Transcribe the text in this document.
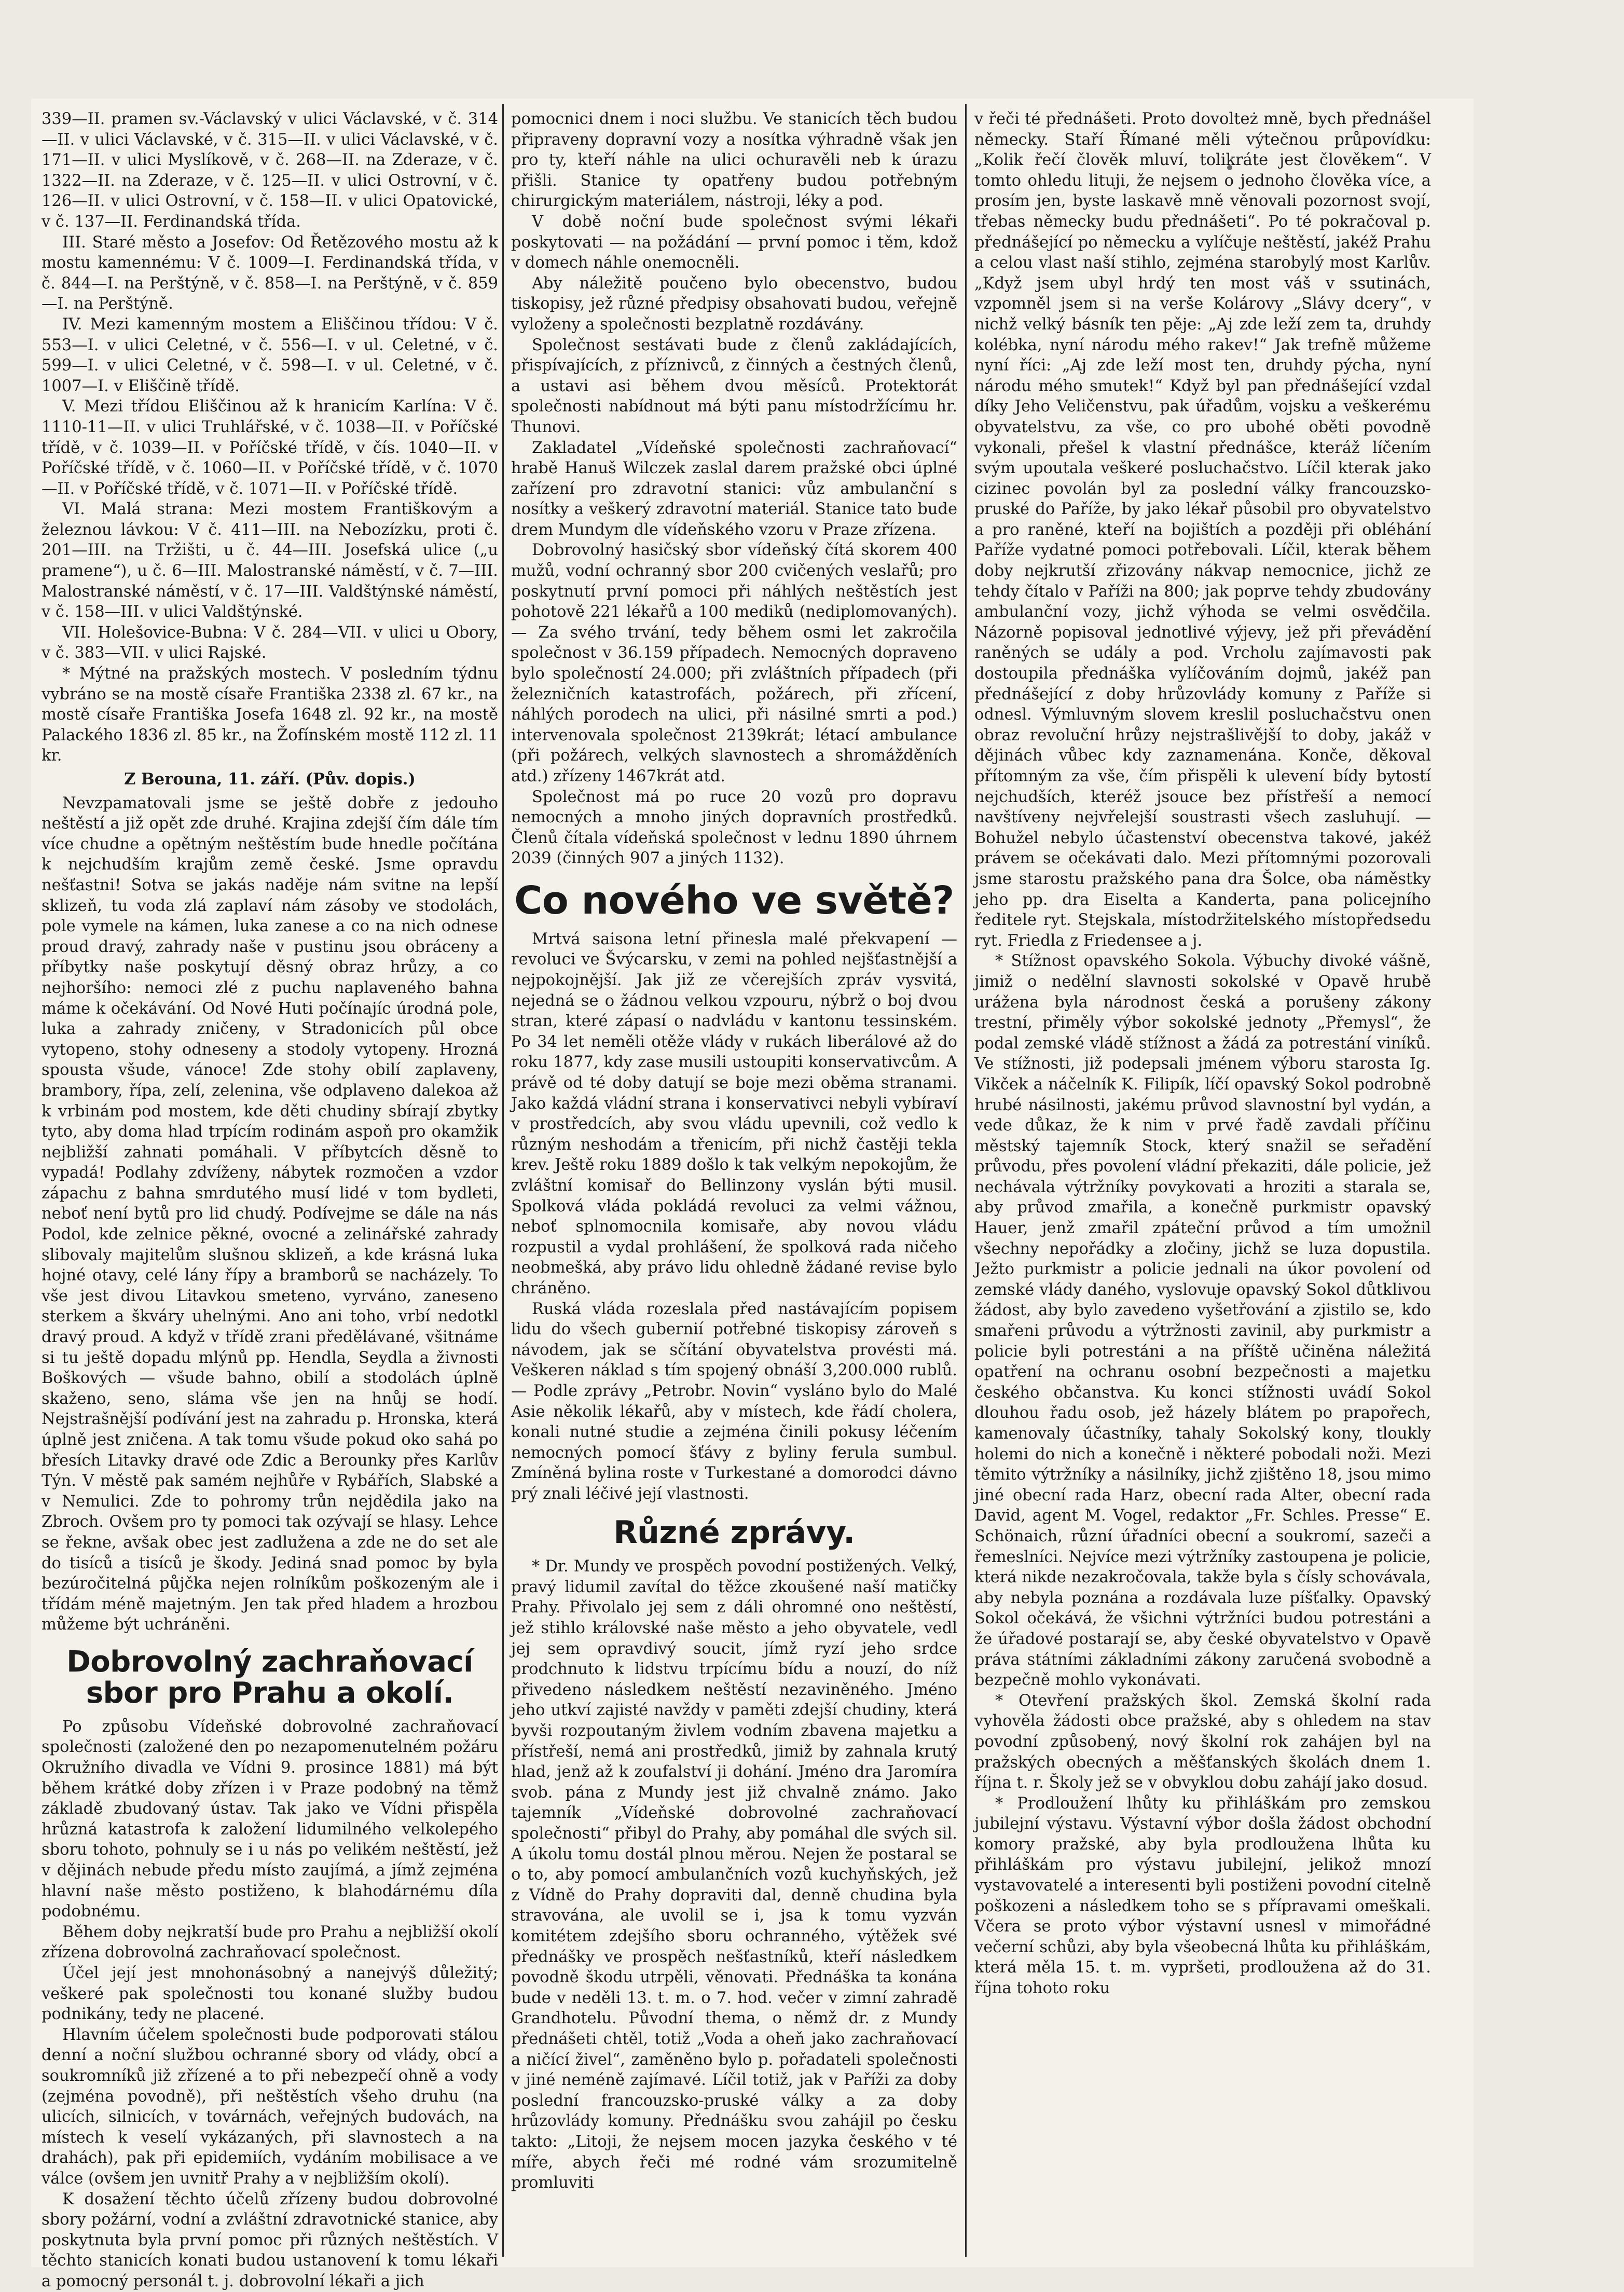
339—II. pramen sv.-Václavský v ulici Václavské, v č. 314—II. v ulici Václavské, v č. 315—II. v ulici Václavské, v č. 171—II. v ulici Myslíkově, v č. 268—II. na Zderaze, v č. 1322—II. na Zderaze, v č. 125—II. v ulici Ostrovní, v č. 126—II. v ulici Ostrovní, v č. 158—II. v ulici Opatovické, v č. 137—II. Ferdinandská třída.

III. Staré město a Josefov: Od Řetězového mostu až k mostu kamennému: V č. 1009—I. Ferdinandská třída, v č. 844—I. na Perštýně, v č. 858—I. na Perštýně, v č. 859—I. na Perštýně.

IV. Mezi kamenným mostem a Eliščinou třídou: V č. 553—I. v ulici Celetné, v č. 556—I. v ul. Celetné, v č. 599—I. v ulici Celetné, v č. 598—I. v ul. Celetné, v č. 1007—I. v Eliščině třídě.

V. Mezi třídou Eliščinou až k hranicím Karlína: V č. 1110-11—II. v ulici Truhlářské, v č. 1038—II. v Poříčské třídě, v č. 1039—II. v Poříčské třídě, v čís. 1040—II. v Poříčské třídě, v č. 1060—II. v Poříčské třídě, v č. 1070—II. v Poříčské třídě, v č. 1071—II. v Poříčské třídě.

VI. Malá strana: Mezi mostem Františkovým a železnou lávkou: V č. 411—III. na Nebozízku, proti č. 201—III. na Tržišti, u č. 44—III. Josefská ulice („u pramene“), u č. 6—III. Malostranské náměstí, v č. 7—III. Malostranské náměstí, v č. 17—III. Valdštýnské náměstí, v č. 158—III. v ulici Valdštýnské.

VII. Holešovice-Bubna: V č. 284—VII. v ulici u Obory, v č. 383—VII. v ulici Rajské.

* Mýtné na pražských mostech. V posledním týdnu vybráno se na mostě císaře Františka 2338 zl. 67 kr., na mostě císaře Františka Josefa 1648 zl. 92 kr., na mostě Palackého 1836 zl. 85 kr., na Žofínském mostě 112 zl. 11 kr.

Z Berouna, 11. září. (Pův. dopis.)

Nevzpamatovali jsme se ještě dobře z jedouho neštěstí a již opět zde druhé. Krajina zdejší čím dále tím více chudne a opětným neštěstím bude hnedle počítána k nejchudším krajům země české. Jsme opravdu nešťastni! Sotva se jakás naděje nám svitne na lepší sklizeň, tu voda zlá zaplaví nám zásoby ve stodolách, pole vymele na kámen, luka zanese a co na nich odnese proud dravý, zahrady naše v pustinu jsou obráceny a příbytky naše poskytují děsný obraz hrůzy, a co nejhoršího: nemoci zlé z puchu naplaveného bahna máme k očekávání. Od Nové Huti počínajíc úrodná pole, luka a zahrady zničeny, v Stradonicích půl obce vytopeno, stohy odneseny a stodoly vytopeny. Hrozná spousta všude, vánoce! Zde stohy obilí zaplaveny, brambory, řípa, zelí, zelenina, vše odplaveno dalekoa až k vrbinám pod mostem, kde děti chudiny sbírají zbytky tyto, aby doma hlad trpícím rodinám aspoň pro okamžik nejbližší zahnati pomáhali. V příbytcích děsně to vypadá! Podlahy zdvíženy, nábytek rozmočen a vzdor zápachu z bahna smrdutého musí lidé v tom bydleti, neboť není bytů pro lid chudý. Podívejme se dále na nás Podol, kde zelnice pěkné, ovocné a zelinářské zahrady slibovaly majitelům slušnou sklizeň, a kde krásná luka hojné otavy, celé lány řípy a bramborů se nacházely. To vše jest divou Litavkou smeteno, vyrváno, zaneseno sterkem a škváry uhelnými. Ano ani toho, vrbí nedotkl dravý proud. A když v třídě zrani předělávané, všitnáme si tu ještě dopadu mlýnů pp. Hendla, Seydla a živnosti Boškových — všude bahno, obilí a stodolách úplně skaženo, seno, sláma vše jen na hnůj se hodí. Nejstrašnější podívání jest na zahradu p. Hronska, která úplně jest zničena. A tak tomu všude pokud oko sahá po břesích Litavky dravé ode Zdic a Berounky přes Karlův Týn. V městě pak samém nejhůře v Rybářích, Slabské a v Nemulici. Zde to pohromy trůn nejdědila jako na Zbroch. Ovšem pro ty pomoci tak ozývají se hlasy. Lehce se řekne, avšak obec jest zadlužena a zde ne do set ale do tisíců a tisíců je škody. Jediná snad pomoc by byla bezúročitelná půjčka nejen rolníkům poškozeným ale i třídám méně majetným. Jen tak před hladem a hrozbou můžeme být uchráněni.

Dobrovolný zachraňovací sbor pro Prahu a okolí.

Po způsobu Vídeňské dobrovolné zachraňovací společnosti (založené den po nezapomenutelném požáru Okružního divadla ve Vídni 9. prosince 1881) má být během krátké doby zřízen i v Praze podobný na těmž základě zbudovaný ústav. Tak jako ve Vídni přispěla hrůzná katastrofa k založení lidumilného velkolepého sboru tohoto, pohnuly se i u nás po velikém neštěstí, jež v dějinách nebude předu místo zaujímá, a jímž zejména hlavní naše město postiženo, k blahodárnému díla podobnému.

Během doby nejkratší bude pro Prahu a nejbližší okolí zřízena dobrovolná zachraňovací společnost.

Účel její jest mnohonásobný a nanejvýš důležitý; veškeré pak společnosti tou konané služby budou podnikány, tedy ne placené.

Hlavním účelem společnosti bude podporovati stálou denní a noční službou ochranné sbory od vlády, obcí a soukromníků již zřízené a to při nebezpečí ohně a vody (zejména povodně), při neštěstích všeho druhu (na ulicích, silnicích, v továrnách, veřejných budovách, na místech k veselí vykázaných, při slavnostech a na drahách), pak při epidemiích, vydáním mobilisace a ve válce (ovšem jen uvnitř Prahy a v nejbližším okolí).

K dosažení těchto účelů zřízeny budou dobrovolné sbory požární, vodní a zvláštní zdravotnické stanice, aby poskytnuta byla první pomoc při různých neštěstích. V těchto stanicích konati budou ustanovení k tomu lékaři a pomocný personál t. j. dobrovolní lékaři a jich

pomocnici dnem i noci službu. Ve stanicích těch budou připraveny dopravní vozy a nosítka výhradně však jen pro ty, kteří náhle na ulici ochuravěli neb k úrazu přišli. Stanice ty opatřeny budou potřebným chirurgickým materiálem, nástroji, léky a pod.

V době noční bude společnost svými lékaři poskytovati — na požádání — první pomoc i těm, kdož v domech náhle onemocněli.

Aby náležitě poučeno bylo obecenstvo, budou tiskopisy, jež různé předpisy obsahovati budou, veřejně vyloženy a společnosti bezplatně rozdávány.

Společnost sestávati bude z členů zakládajících, přispívajících, z příznivců, z činných a čestných členů, a ustavi asi během dvou měsíců. Protektorát společnosti nabídnout má býti panu místodržícímu hr. Thunovi.

Zakladatel „Vídeňské společnosti zachraňovací“ hrabě Hanuš Wilczek zaslal darem pražské obci úplné zařízení pro zdravotní stanici: vůz ambulanční s nosítky a veškerý zdravotní materiál. Stanice tato bude drem Mundym dle vídeňského vzoru v Praze zřízena.

Dobrovolný hasičský sbor vídeňský čítá skorem 400 mužů, vodní ochranný sbor 200 cvičených veslařů; pro poskytnutí první pomoci při náhlých neštěstích jest pohotově 221 lékařů a 100 mediků (nediplomovaných). — Za svého trvání, tedy během osmi let zakročila společnost v 36.159 případech. Nemocných dopraveno bylo společností 24.000; při zvláštních případech (při železničních katastrofách, požárech, při zřícení, náhlých porodech na ulici, při násilné smrti a pod.) intervenovala společnost 2139krát; létací ambulance (při požárech, velkých slavnostech a shromážděních atd.) zřízeny 1467krát atd.

Společnost má po ruce 20 vozů pro dopravu nemocných a mnoho jiných dopravních prostředků. Členů čítala vídeňská společnost v lednu 1890 úhrnem 2039 (činných 907 a jiných 1132).

Co nového ve světě?

Mrtvá saisona letní přinesla malé překvapení — revoluci ve Švýcarsku, v zemi na pohled nejšťastnější a nejpokojnější. Jak již ze včerejších zpráv vysvitá, nejedná se o žádnou velkou vzpouru, nýbrž o boj dvou stran, které zápasí o nadvládu v kantonu tessinském. Po 34 let neměli otěže vlády v rukách liberálové až do roku 1877, kdy zase musili ustoupiti konservativcům. A právě od té doby datují se boje mezi oběma stranami. Jako každá vládní strana i konservativci nebyli vybíraví v prostředcích, aby svou vládu upevnili, což vedlo k různým neshodám a třenicím, při nichž častěji tekla krev. Ještě roku 1889 došlo k tak velkým nepokojům, že zvláštní komisař do Bellinzony vyslán býti musil. Spolková vláda pokládá revoluci za velmi vážnou, neboť splnomocnila komisaře, aby novou vládu rozpustil a vydal prohlášení, že spolková rada ničeho neobmešká, aby právo lidu ohledně žádané revise bylo chráněno.

Ruská vláda rozeslala před nastávajícím popisem lidu do všech gubernií potřebné tiskopisy zároveň s návodem, jak se sčítání obyvatelstva provésti má. Veškeren náklad s tím spojený obnáší 3,200.000 rublů. — Podle zprávy „Petrobr. Novin“ vysláno bylo do Malé Asie několik lékařů, aby v místech, kde řádí cholera, konali nutné studie a zejména činili pokusy léčením nemocných pomocí šťávy z byliny ferula sumbul. Zmíněná bylina roste v Turkestané a domorodci dávno prý znali léčivé její vlastnosti.

Různé zprávy.

* Dr. Mundy ve prospěch povodní postižených. Velký, pravý lidumil zavítal do těžce zkoušené naší matičky Prahy. Přivolalo jej sem z dáli ohromné ono neštěstí, jež stihlo královské naše město a jeho obyvatele, vedl jej sem opravdivý soucit, jímž ryzí jeho srdce prodchnuto k lidstvu trpícímu bídu a nouzí, do níž přivedeno následkem neštěstí nezaviněného. Jméno jeho utkví zajisté navždy v paměti zdejší chudiny, která byvši rozpoutaným živlem vodním zbavena majetku a přístřeší, nemá ani prostředků, jimiž by zahnala krutý hlad, jenž až k zoufalství ji dohání. Jméno dra Jaromíra svob. pána z Mundy jest již chvalně známo. Jako tajemník „Vídeňské dobrovolné zachraňovací společnosti“ přibyl do Prahy, aby pomáhal dle svých sil. A úkolu tomu dostál plnou měrou. Nejen že postaral se o to, aby pomocí ambulančních vozů kuchyňských, jež z Vídně do Prahy dopraviti dal, denně chudina byla stravována, ale uvolil se i, jsa k tomu vyzván komitétem zdejšího sboru ochranného, výtěžek své přednášky ve prospěch nešťastníků, kteří následkem povodně škodu utrpěli, věnovati. Přednáška ta konána bude v neděli 13. t. m. o 7. hod. večer v zimní zahradě Grandhotelu. Původní thema, o němž dr. z Mundy přednášeti chtěl, totiž „Voda a oheň jako zachraňovací a ničící živel“, zaměněno bylo p. pořadateli společnosti v jiné neméně zajímavé. Líčil totiž, jak v Paříži za doby poslední francouzsko-pruské války a za doby hrůzovlády komuny. Přednášku svou zahájil po česku takto: „Litoji, že nejsem mocen jazyka českého v té míře, abych řeči mé rodné vám srozumitelně promluviti

v řeči té přednášeti. Proto dovolteż mně, bych přednášel německy. Staří Římané měli výtečnou průpovídku: „Kolik řečí člověk mluví, tolikráte jest člověkem“. V tomto ohledu lituji, že nejsem o jednoho člověka více, a prosím jen, byste laskavě mně věnovali pozornost svojí, třebas německy budu přednášeti“. Po té pokračoval p. přednášející po německu a vylíčuje neštěstí, jakéž Prahu a celou vlast naší stihlo, zejména starobylý most Karlův. „Když jsem ubyl hrdý ten most váš v ssutinách, vzpomněl jsem si na verše Kolárovy „Slávy dcery“, v nichž velký básník ten pěje: „Aj zde leží zem ta, druhdy kolébka, nyní národu mého rakev!“ Jak trefně můžeme nyní říci: „Aj zde leží most ten, druhdy pýcha, nyní národu mého smutek!“ Když byl pan přednášející vzdal díky Jeho Veličenstvu, pak úřadům, vojsku a veškerému obyvatelstvu, za vše, co pro ubohé oběti povodně vykonali, přešel k vlastní přednášce, kteráž líčením svým upoutala veškeré posluchačstvo. Líčil kterak jako cizinec povolán byl za poslední války francouzsko-pruské do Paříže, by jako lékař působil pro obyvatelstvo a pro raněné, kteří na bojištích a později při obléhání Paříže vydatné pomoci potřebovali. Líčil, kterak během doby nejkrutší zřizovány nákvap nemocnice, jichž ze tehdy čítalo v Paříži na 800; jak poprve tehdy zbudovány ambulanční vozy, jichž výhoda se velmi osvědčila. Názorně popisoval jednotlivé výjevy, jež při převádění raněných se udály a pod. Vrcholu zajímavosti pak dostoupila přednáška vylíčováním dojmů, jakéž pan přednášející z doby hrůzovlády komuny z Paříže si odnesl. Výmluvným slovem kreslil posluchačstvu onen obraz revoluční hrůzy nejstrašlivější to doby, jakáž v dějinách vůbec kdy zaznamenána. Konče, děkoval přítomným za vše, čím přispěli k ulevení bídy bytostí nejchudších, kteréž jsouce bez přístřeší a nemocí navštíveny nejvřelejší soustrasti všech zasluhují. — Bohužel nebylo účastenství obecenstva takové, jakéž právem se očekávati dalo. Mezi přítomnými pozorovali jsme starostu pražského pana dra Šolce, oba náměstky jeho pp. dra Eiselta a Kanderta, pana policejního ředitele ryt. Stejskala, místodržitelského místopředsedu ryt. Friedla z Friedensee a j.

* Stížnost opavského Sokola. Výbuchy divoké vášně, jimiž o nedělní slavnosti sokolské v Opavě hrubě urážena byla národnost česká a porušeny zákony trestní, přiměly výbor sokolské jednoty „Přemysl“, že podal zemské vládě stížnost a žádá za potrestání viníků. Ve stížnosti, již podepsali jménem výboru starosta Ig. Vikček a náčelník K. Filipík, líčí opavský Sokol podrobně hrubé násilnosti, jakému průvod slavnostní byl vydán, a vede důkaz, že k nim v prvé řadě zavdali příčinu městský tajemník Stock, který snažil se seřadění průvodu, přes povolení vládní překaziti, dále policie, jež nechávala výtržníky povykovati a hroziti a starala se, aby průvod zmařila, a konečně purkmistr opavský Hauer, jenž zmařil zpáteční průvod a tím umožnil všechny nepořádky a zločiny, jichž se luza dopustila. Ježto purkmistr a policie jednali na úkor povolení od zemské vlády daného, vyslovuje opavský Sokol důtklivou žádost, aby bylo zavedeno vyšetřování a zjistilo se, kdo smařeni průvodu a výtržnosti zavinil, aby purkmistr a policie byli potrestáni a na příště učiněna náležitá opatření na ochranu osobní bezpečnosti a majetku českého občanstva. Ku konci stížnosti uvádí Sokol dlouhou řadu osob, jež házely blátem po prapořech, kamenovaly účastníky, tahaly Sokolský kony, tloukly holemi do nich a konečně i některé pobodali noži. Mezi těmito výtržníky a násilníky, jichž zjištěno 18, jsou mimo jiné obecní rada Harz, obecní rada Alter, obecní rada David, agent M. Vogel, redaktor „Fr. Schles. Presse“ E. Schönaich, různí úřadníci obecní a soukromí, sazeči a řemeslníci. Nejvíce mezi výtržníky zastoupena je policie, která nikde nezakročovala, takže byla s čísly schovávala, aby nebyla poznána a rozdávala luze píšťalky. Opavský Sokol očekává, že všichni výtržníci budou potrestáni a že úřadové postarají se, aby české obyvatelstvo v Opavě práva státními základními zákony zaručená svobodně a bezpečně mohlo vykonávati.

* Otevření pražských škol. Zemská školní rada vyhověla žádosti obce pražské, aby s ohledem na stav povodní způsobený, nový školní rok zahájen byl na pražských obecných a měšťanských školách dnem 1. října t. r. Školy jež se v obvyklou dobu zahájí jako dosud.

* Prodloužení lhůty ku přihláškám pro zemskou jubilejní výstavu. Výstavní výbor došla žádost obchodní komory pražské, aby byla prodloužena lhůta ku přihláškám pro výstavu jubilejní, jelikož mnozí vystavovatelé a interesenti byli postiženi povodní citelně poškozeni a následkem toho se s přípravami omeškali. Včera se proto výbor výstavní usnesl v mimořádné večerní schůzi, aby byla všeobecná lhůta ku přihláškám, která měla 15. t. m. vypršeti, prodloužena až do 31. října tohoto roku
